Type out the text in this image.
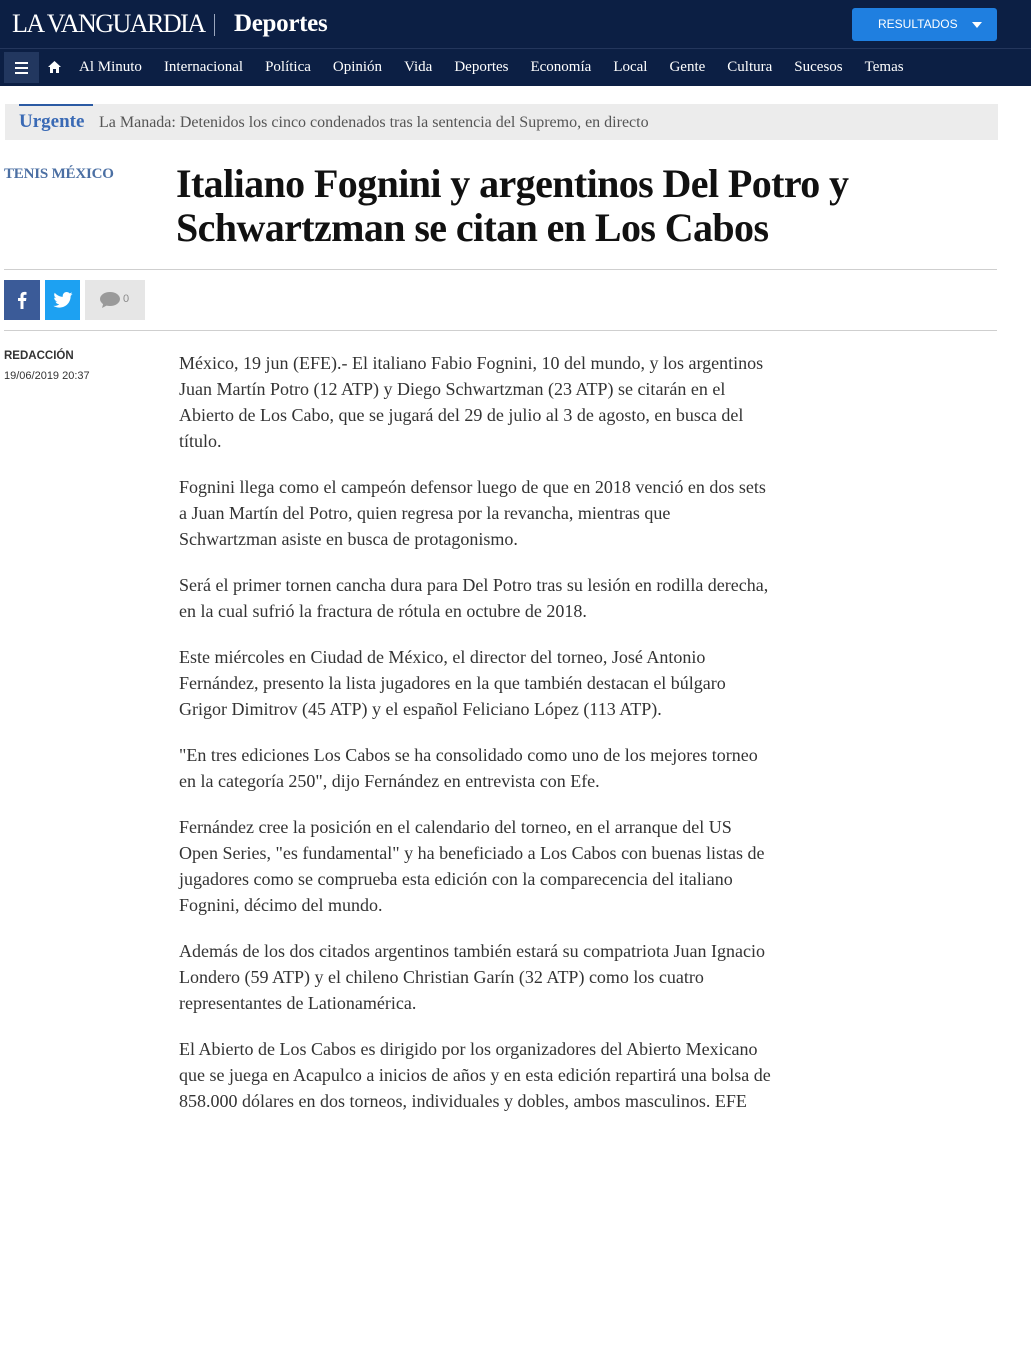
LA VANGUARDIA Deportes	RESULTADOS
Al Minuto	Internacional	Política	Opinión	Vida	Deportes	Economía	Local	Gente	Cultura	Sucesos	Temas
Urgente La Manada: Detenidos los cinco condenados tras la sentencia del Supremo, en directo
TENIS MÉXICO Italiano Fognini y argentinos Del Potro y Schwartzman se citan en Los Cabos
0
REDACCIÓN
19/06/2019 20:37

México, 19 jun (EFE).- El italiano Fabio Fognini, 10 del mundo, y los argentinos Juan Martín Potro (12 ATP) y Diego Schwartzman (23 ATP) se citarán en el Abierto de Los Cabo, que se jugará del 29 de julio al 3 de agosto, en busca del título.

Fognini llega como el campeón defensor luego de que en 2018 venció en dos sets a Juan Martín del Potro, quien regresa por la revancha, mientras que Schwartzman asiste en busca de protagonismo.

Será el primer tornen cancha dura para Del Potro tras su lesión en rodilla derecha, en la cual sufrió la fractura de rótula en octubre de 2018.

Este miércoles en Ciudad de México, el director del torneo, José Antonio Fernández, presento la lista jugadores en la que también destacan el búlgaro Grigor Dimitrov (45 ATP) y el español Feliciano López (113 ATP).

"En tres ediciones Los Cabos se ha consolidado como uno de los mejores torneo en la categoría 250", dijo Fernández en entrevista con Efe.

Fernández cree la posición en el calendario del torneo, en el arranque del US Open Series, "es fundamental" y ha beneficiado a Los Cabos con buenas listas de jugadores como se comprueba esta edición con la comparecencia del italiano Fognini, décimo del mundo.

Además de los dos citados argentinos también estará su compatriota Juan Ignacio Londero (59 ATP) y el chileno Christian Garín (32 ATP) como los cuatro representantes de Lationamérica.

El Abierto de Los Cabos es dirigido por los organizadores del Abierto Mexicano que se juega en Acapulco a inicios de años y en esta edición repartirá una bolsa de 858.000 dólares en dos torneos, individuales y dobles, ambos masculinos. EFE
